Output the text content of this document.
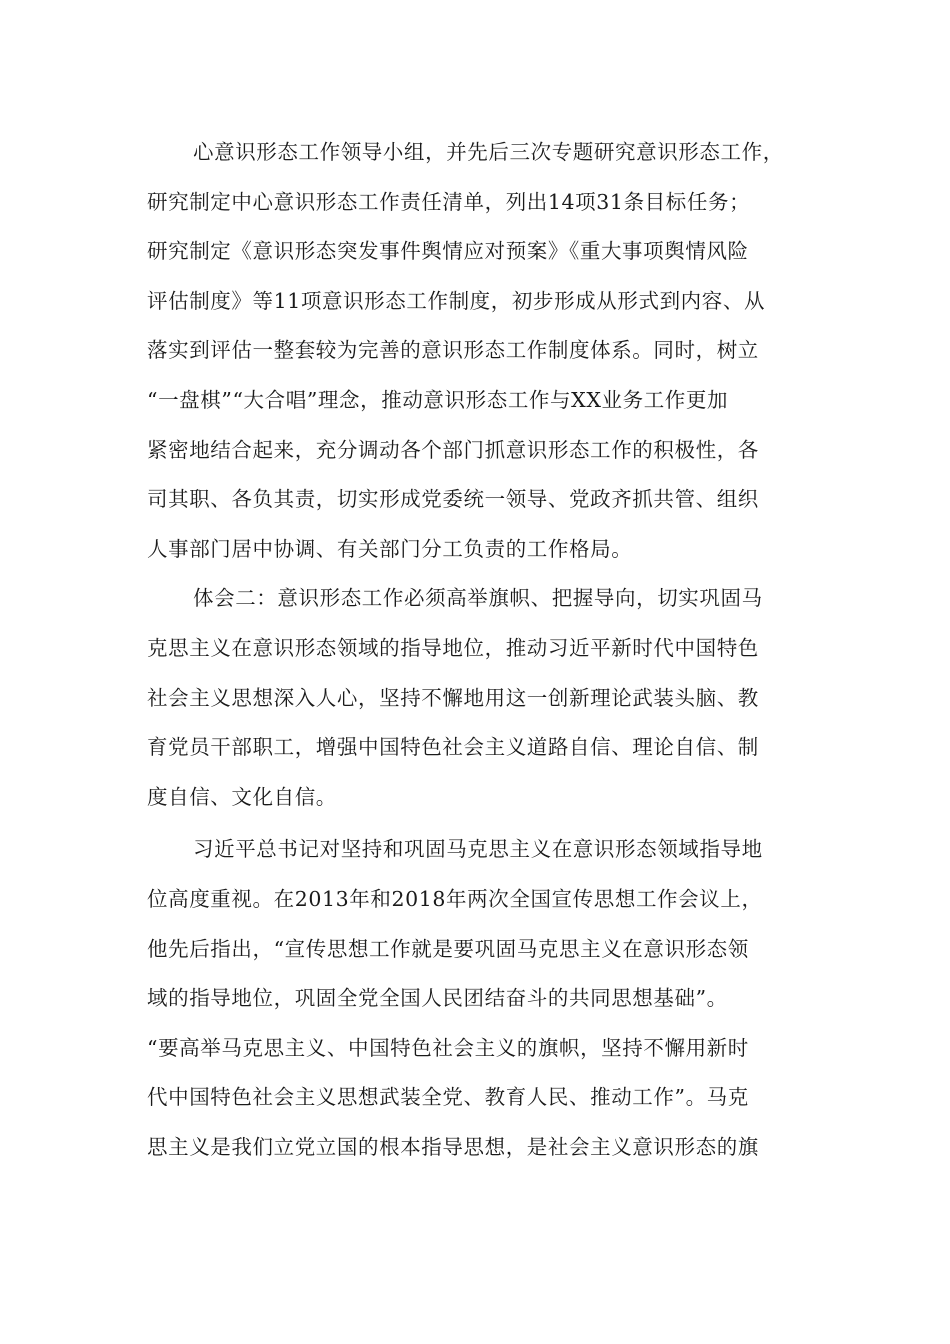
心意识形态工作领导小组，并先后三次专题研究意识形态工作，
研究制定中心意识形态工作责任清单，列出14项31条目标任务；
研究制定《意识形态突发事件舆情应对预案》《重大事项舆情风险
评估制度》等11项意识形态工作制度，初步形成从形式到内容、从
落实到评估一整套较为完善的意识形态工作制度体系。同时，树立
“一盘棋”“大合唱”理念，推动意识形态工作与XX业务工作更加
紧密地结合起来，充分调动各个部门抓意识形态工作的积极性，各
司其职、各负其责，切实形成党委统一领导、党政齐抓共管、组织
人事部门居中协调、有关部门分工负责的工作格局。
体会二：意识形态工作必须高举旗帜、把握导向，切实巩固马
克思主义在意识形态领域的指导地位，推动习近平新时代中国特色
社会主义思想深入人心，坚持不懈地用这一创新理论武装头脑、教
育党员干部职工，增强中国特色社会主义道路自信、理论自信、制
度自信、文化自信。
习近平总书记对坚持和巩固马克思主义在意识形态领域指导地
位高度重视。在2013年和2018年两次全国宣传思想工作会议上，
他先后指出，“宣传思想工作就是要巩固马克思主义在意识形态领
域的指导地位，巩固全党全国人民团结奋斗的共同思想基础”。
“要高举马克思主义、中国特色社会主义的旗帜，坚持不懈用新时
代中国特色社会主义思想武装全党、教育人民、推动工作”。马克
思主义是我们立党立国的根本指导思想，是社会主义意识形态的旗
